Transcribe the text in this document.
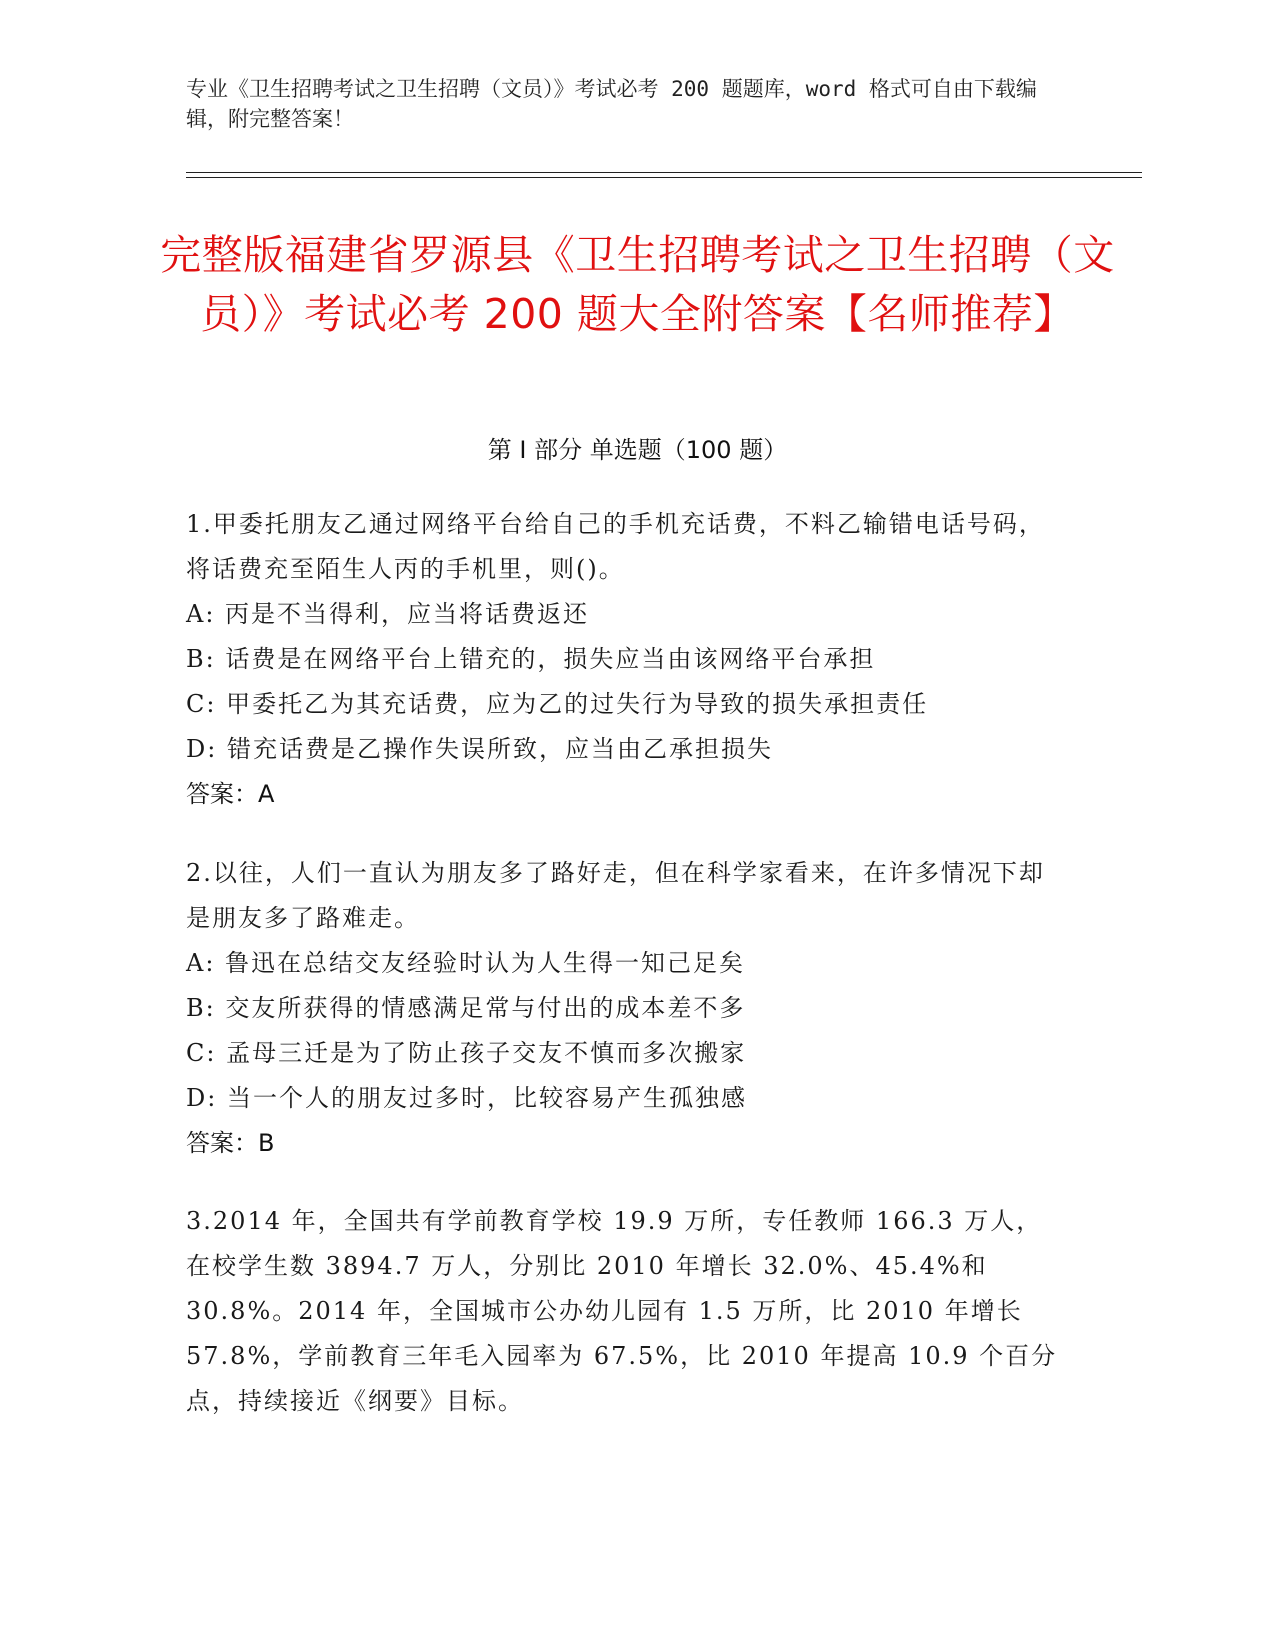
专业《卫生招聘考试之卫生招聘（文员）》考试必考 200 题题库，word 格式可自由下载编辑，附完整答案！
完整版福建省罗源县《卫生招聘考试之卫生招聘（文员）》考试必考 200 题大全附答案【名师推荐】
第 I 部分 单选题（100 题）
1.甲委托朋友乙通过网络平台给自己的手机充话费，不料乙输错电话号码，将话费充至陌生人丙的手机里，则()。
A: 丙是不当得利，应当将话费返还
B: 话费是在网络平台上错充的，损失应当由该网络平台承担
C: 甲委托乙为其充话费，应为乙的过失行为导致的损失承担责任
D: 错充话费是乙操作失误所致，应当由乙承担损失
答案：A
2.以往，人们一直认为朋友多了路好走，但在科学家看来，在许多情况下却是朋友多了路难走。
A: 鲁迅在总结交友经验时认为人生得一知己足矣
B: 交友所获得的情感满足常与付出的成本差不多
C: 孟母三迁是为了防止孩子交友不慎而多次搬家
D: 当一个人的朋友过多时，比较容易产生孤独感
答案：B
3.2014 年，全国共有学前教育学校 19.9 万所，专任教师 166.3 万人，在校学生数 3894.7 万人，分别比 2010 年增长 32.0%、45.4%和 30.8%。2014 年，全国城市公办幼儿园有 1.5 万所，比 2010 年增长 57.8%，学前教育三年毛入园率为 67.5%，比 2010 年提高 10.9 个百分点，持续接近《纲要》目标。
